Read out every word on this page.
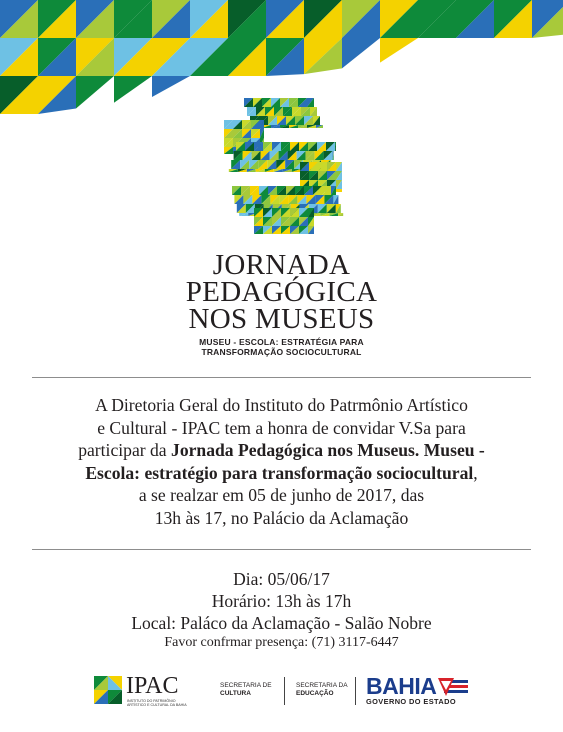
JORNADA
PEDAGÓGICA
NOS MUSEUS
MUSEU - ESCOLA: ESTRATÉGIA PARA
TRANSFORMAÇÃO SOCIOCULTURAL
A Diretoria Geral do Instituto do Patrmônio Artístico
e Cultural - IPAC tem a honra de convidar V.Sa para
participar da Jornada Pedagógica nos Museus. Museu -
Escola: estratégio para transformação sociocultural,
a se realzar em 05 de junho de 2017, das
13h às 17, no Palácio da Aclamação
Dia: 05/06/17
Horário: 13h às 17h
Local: Paláco da Aclamação - Salão Nobre
Favor confrmar presença: (71) 3117-6447
IPAC
INSTITUTO DO PATRIMÔNIO
ARTÍSTICO E CULTURAL DA BAHIA
SECRETARIA DE
CULTURA
SECRETARIA DA
EDUCAÇÃO	BAHIA
GOVERNO DO ESTADO
